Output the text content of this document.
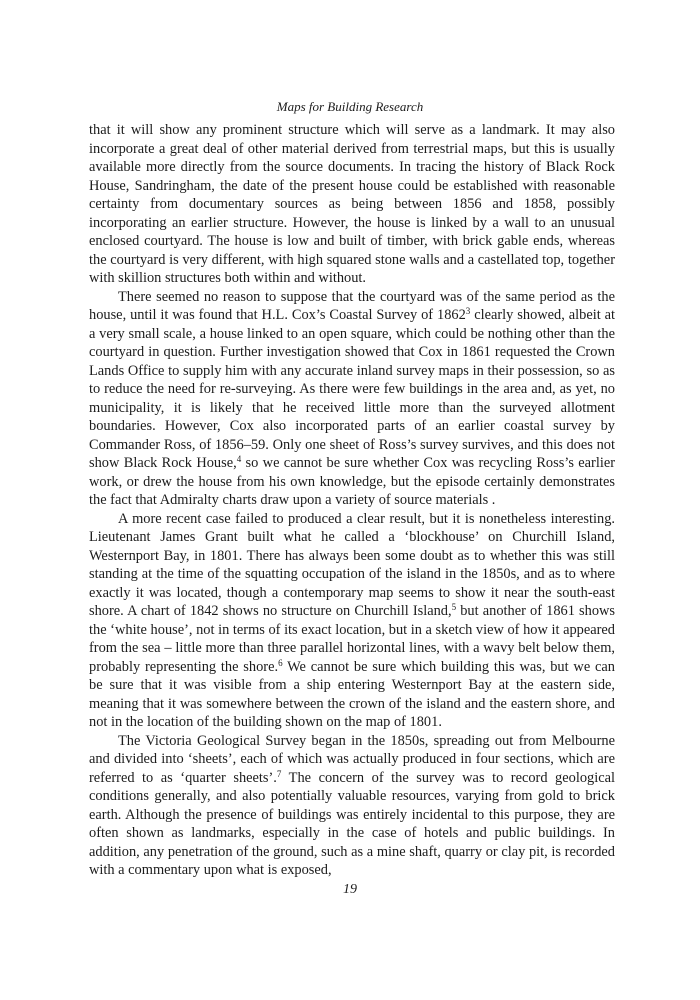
Maps for Building Research

that it will show any prominent structure which will serve as a landmark. It may also incorporate a great deal of other material derived from terrestrial maps, but this is usually available more directly from the source documents. In tracing the history of Black Rock House, Sandringham, the date of the present house could be established with reasonable certainty from documentary sources as being between 1856 and 1858, possibly incorporating an earlier structure. However, the house is linked by a wall to an unusual enclosed courtyard. The house is low and built of timber, with brick gable ends, whereas the courtyard is very different, with high squared stone walls and a castellated top, together with skillion structures both within and without.

There seemed no reason to suppose that the courtyard was of the same period as the house, until it was found that H.L. Cox’s Coastal Survey of 1862$^3$ clearly showed, albeit at a very small scale, a house linked to an open square, which could be nothing other than the courtyard in question. Further investigation showed that Cox in 1861 requested the Crown Lands Office to supply him with any accurate inland survey maps in their possession, so as to reduce the need for re-surveying. As there were few buildings in the area and, as yet, no municipality, it is likely that he received little more than the surveyed allotment boundaries. However, Cox also incorporated parts of an earlier coastal survey by Commander Ross, of 1856–59. Only one sheet of Ross’s survey survives, and this does not show Black Rock House,$^4$ so we cannot be sure whether Cox was recycling Ross’s earlier work, or drew the house from his own knowledge, but the episode certainly demonstrates the fact that Admiralty charts draw upon a variety of source materials .

A more recent case failed to produced a clear result, but it is nonetheless interesting. Lieutenant James Grant built what he called a ‘blockhouse’ on Churchill Island, Westernport Bay, in 1801. There has always been some doubt as to whether this was still standing at the time of the squatting occupation of the island in the 1850s, and as to where exactly it was located, though a contemporary map seems to show it near the south-east shore. A chart of 1842 shows no structure on Churchill Island,$^5$ but another of 1861 shows the ‘white house’, not in terms of its exact location, but in a sketch view of how it appeared from the sea – little more than three parallel horizontal lines, with a wavy belt below them, probably representing the shore.$^6$ We cannot be sure which building this was, but we can be sure that it was visible from a ship entering Westernport Bay at the eastern side, meaning that it was somewhere between the crown of the island and the eastern shore, and not in the location of the building shown on the map of 1801.

The Victoria Geological Survey began in the 1850s, spreading out from Melbourne and divided into ‘sheets’, each of which was actually produced in four sections, which are referred to as ‘quarter sheets’.$^7$ The concern of the survey was to record geological conditions generally, and also potentially valuable resources, varying from gold to brick earth. Although the presence of buildings was entirely incidental to this purpose, they are often shown as landmarks, especially in the case of hotels and public buildings. In addition, any penetration of the ground, such as a mine shaft, quarry or clay pit, is recorded with a commentary upon what is exposed,

19
